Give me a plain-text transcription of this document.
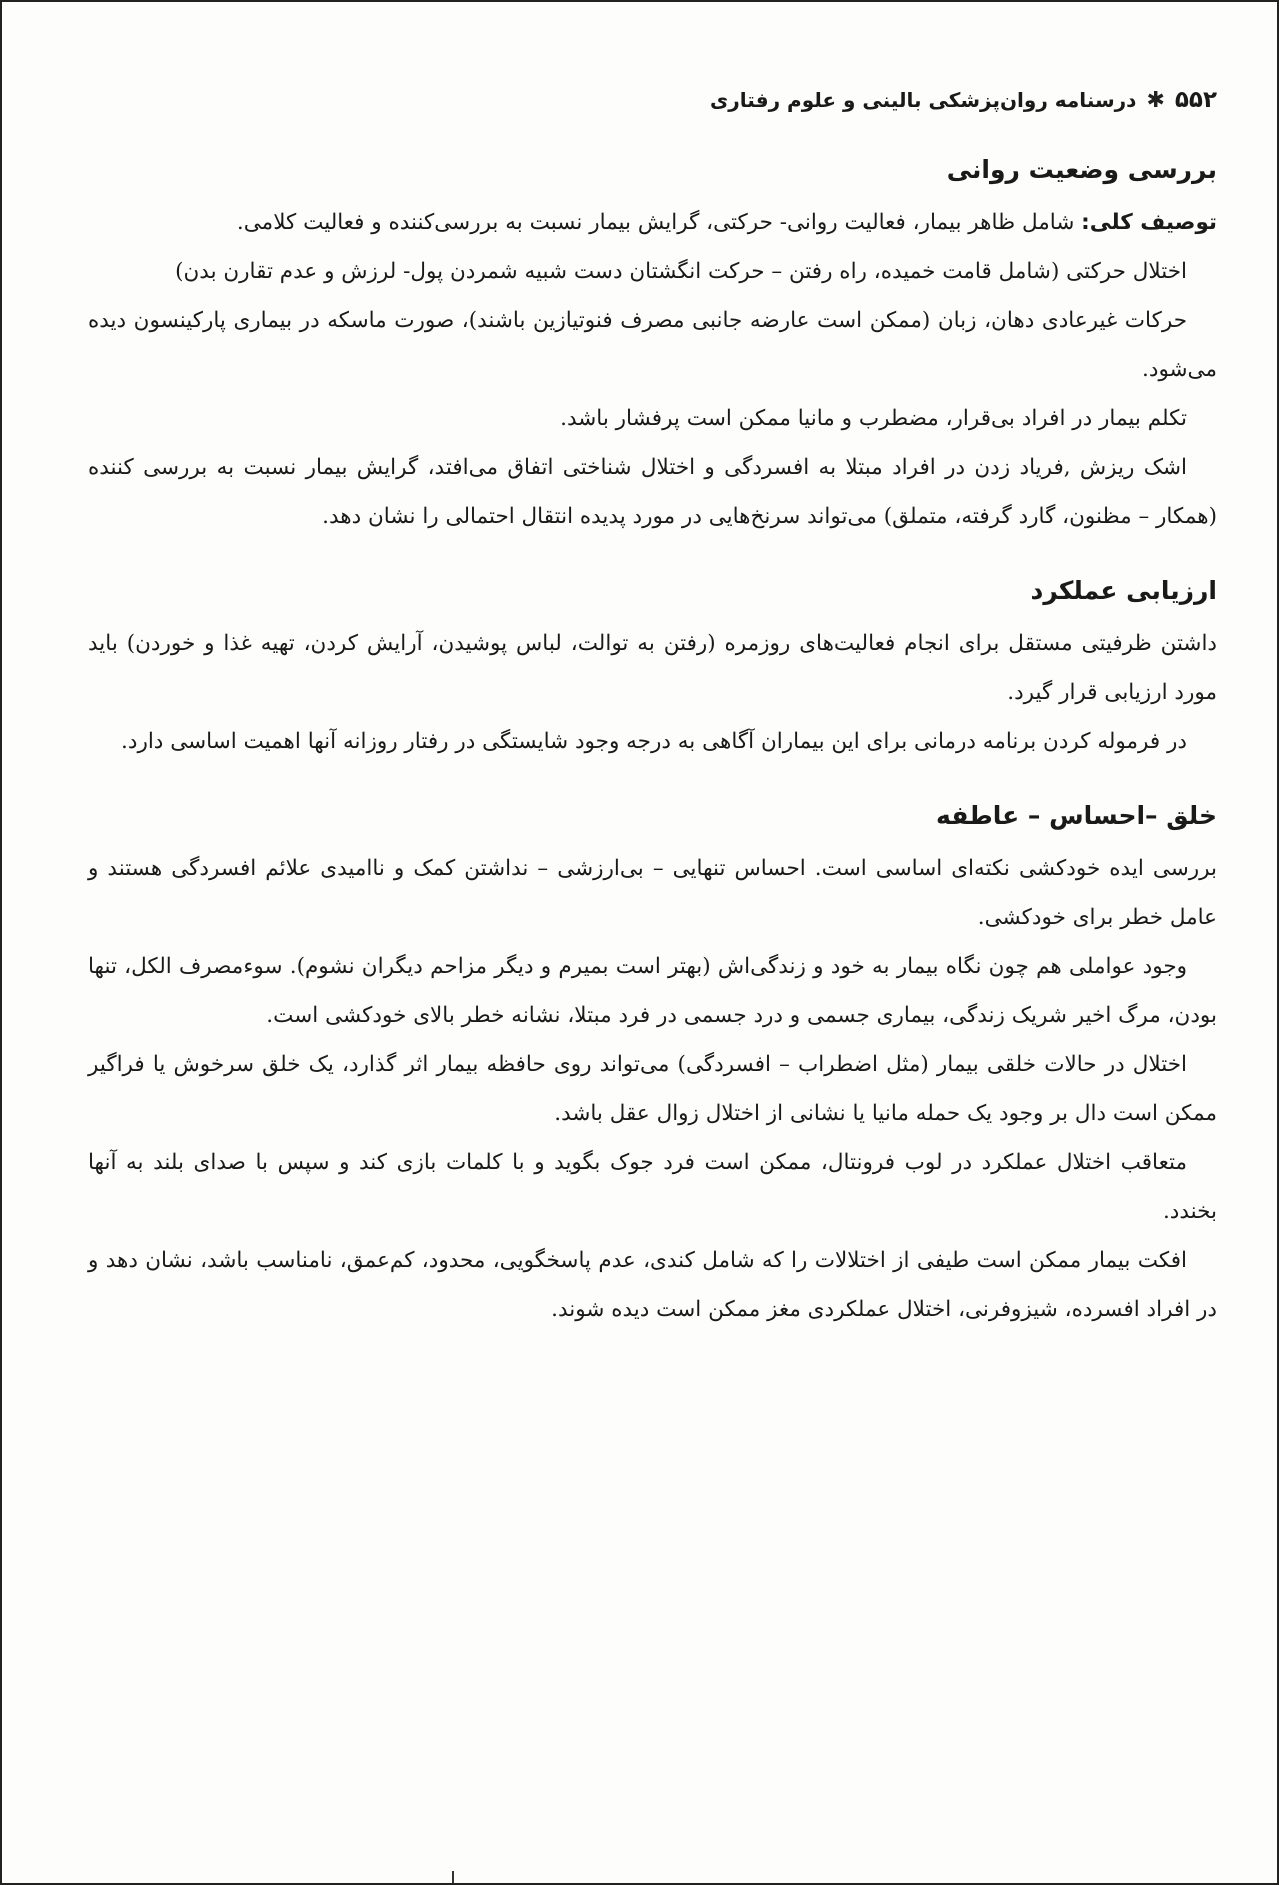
۵۵۲
✱
درسنامه روان‌پزشکی بالینی و علوم رفتاری
بررسی وضعیت روانی

توصیف کلی: شامل ظاهر بیمار، فعالیت روانی- حرکتی، گرایش بیمار نسبت به بررسی‌کننده و فعالیت کلامی.

اختلال حرکتی (شامل قامت خمیده، راه رفتن – حرکت انگشتان دست شبیه شمردن پول- لرزش و عدم تقارن بدن)

حرکات غیرعادی دهان، زبان (ممکن است عارضه جانبی مصرف فنوتیازین باشند)، صورت ماسکه در بیماری پارکینسون دیده می‌شود.

تکلم بیمار در افراد بی‌قرار، مضطرب و مانیا ممکن است پرفشار باشد.

اشک ریزش ,فریاد زدن در افراد مبتلا به افسردگی و اختلال شناختی اتفاق می‌افتد، گرایش بیمار نسبت به بررسی کننده (همکار – مظنون، گارد گرفته، متملق) می‌تواند سرنخ‌هایی در مورد پدیده انتقال احتمالی را نشان دهد.

ارزیابی عملکرد

داشتن ظرفیتی مستقل برای انجام فعالیت‌های روزمره (رفتن به توالت، لباس پوشیدن، آرایش کردن، تهیه غذا و خوردن) باید مورد ارزیابی قرار گیرد.

در فرموله کردن برنامه درمانی برای این بیماران آگاهی به درجه وجود شایستگی در رفتار روزانه آنها اهمیت اساسی دارد.

خلق –احساس – عاطفه

بررسی ایده خودکشی نکته‌ای اساسی است. احساس تنهایی – بی‌ارزشی – نداشتن کمک و ناامیدی علائم افسردگی هستند و عامل خطر برای خودکشی.

وجود عواملی هم چون نگاه بیمار به خود و زندگی‌اش (بهتر است بمیرم و دیگر مزاحم دیگران نشوم). سوءمصرف الکل، تنها بودن، مرگ اخیر شریک زندگی، بیماری جسمی و درد جسمی در فرد مبتلا، نشانه خطر بالای خودکشی است.

اختلال در حالات خلقی بیمار (مثل اضطراب – افسردگی) می‌تواند روی حافظه بیمار اثر گذارد، یک خلق سرخوش یا فراگیر ممکن است دال بر وجود یک حمله مانیا یا نشانی از اختلال زوال عقل باشد.

متعاقب اختلال عملکرد در لوب فرونتال، ممکن است فرد جوک بگوید و با کلمات بازی کند و سپس با صدای بلند به آنها بخندد.

افکت بیمار ممکن است طیفی از اختلالات را که شامل کندی، عدم پاسخگویی، محدود، کم‌عمق، نامناسب باشد، نشان دهد و در افراد افسرده، شیزوفرنی، اختلال عملکردی مغز ممکن است دیده شوند.
